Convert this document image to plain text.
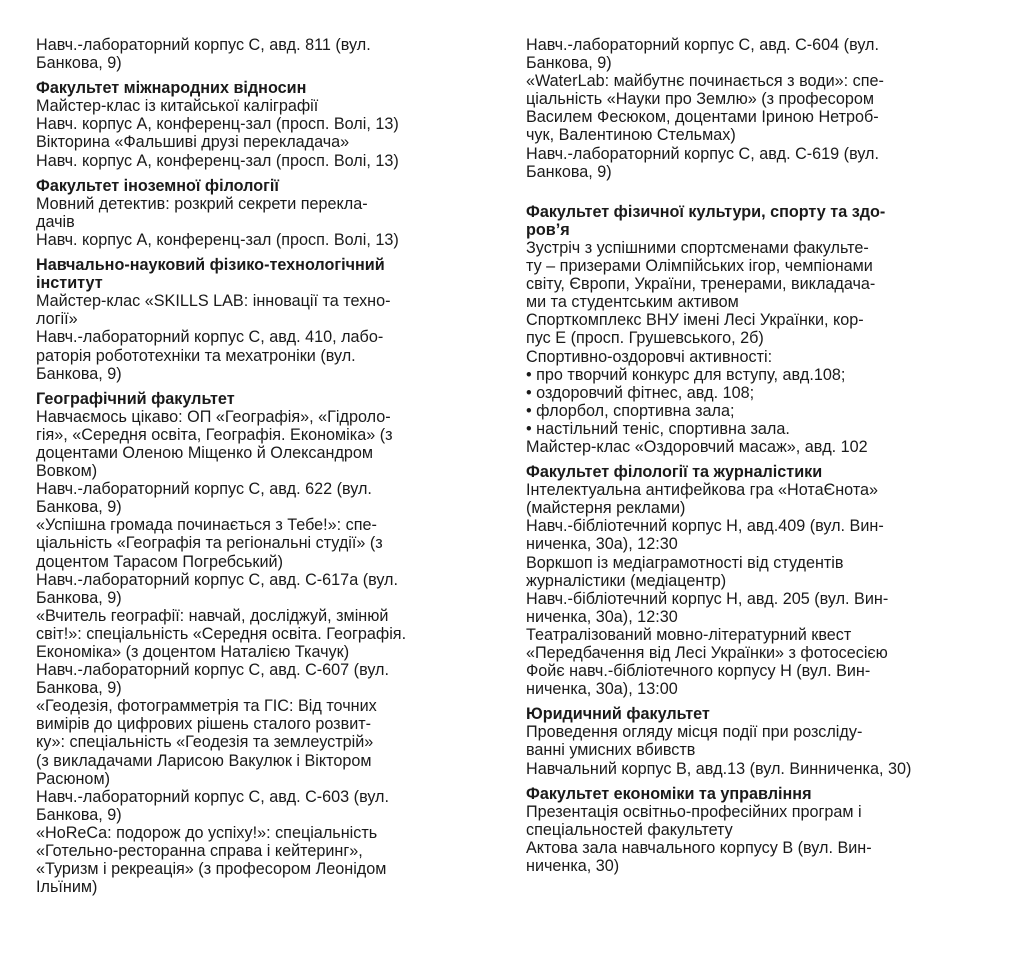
Навч.-лабораторний корпус С, авд. 811 (вул.
Банкова, 9)
Факультет міжнародних відносин
Майстер-клас із китайської каліграфії
Навч. корпус А, конференц-зал (просп. Волі, 13)
Вікторина «Фальшиві друзі перекладача»
Навч. корпус А, конференц-зал (просп. Волі, 13)
Факультет іноземної філології
Мовний детектив: розкрий секрети перекла-
дачів
Навч. корпус А, конференц-зал (просп. Волі, 13)
Навчально-науковий фізико-технологічний
інститут
Майстер-клас «SKILLS LAB: інновації та техно-
логії»
Навч.-лабораторний корпус С, авд. 410, лабо-
раторія робототехніки та мехатроніки (вул.
Банкова, 9)
Географічний факультет
Навчаємось цікаво: ОП «Географія», «Гідроло-
гія», «Середня освіта, Географія. Економіка» (з
доцентами Оленою Міщенко й Олександром
Вовком)
Навч.-лабораторний корпус С, авд. 622 (вул.
Банкова, 9)
«Успішна громада починається з Тебе!»: спе-
ціальність «Географія та регіональні студії» (з
доцентом Тарасом Погребський)
Навч.-лабораторний корпус С, авд. С-617а (вул.
Банкова, 9)
«Вчитель географії: навчай, досліджуй, змінюй
світ!»: спеціальність «Середня освіта. Географія.
Економіка» (з доцентом Наталією Ткачук)
Навч.-лабораторний корпус С, авд. С-607 (вул.
Банкова, 9)
«Геодезія, фотограмметрія та ГІС: Від точних
вимірів до цифрових рішень сталого розвит-
ку»: спеціальність «Геодезія та землеустрій»
(з викладачами Ларисою Вакулюк і Віктором
Расюном)
Навч.-лабораторний корпус С, авд. С-603 (вул.
Банкова, 9)
«HoReCa: подорож до успіху!»: спеціальність
«Готельно-ресторанна справа і кейтеринг»,
«Туризм і рекреація» (з професором Леонідом
Ільїним)
Навч.-лабораторний корпус С, авд. С-604 (вул.
Банкова, 9)
«WaterLab: майбутнє починається з води»: спе-
ціальність «Науки про Землю» (з професором
Василем Фесюком, доцентами Іриною Нетроб-
чук, Валентиною Стельмах)
Навч.-лабораторний корпус С, авд. С-619 (вул.
Банкова, 9)
Факультет фізичної культури, спорту та здо-
ров’я
Зустріч з успішними спортсменами факульте-
ту – призерами Олімпійських ігор, чемпіонами
світу, Європи, України, тренерами, викладача-
ми та студентським активом
Спорткомплекс ВНУ імені Лесі Українки, кор-
пус Е (просп. Грушевського, 2б)
Спортивно-оздоровчі активності:
• про творчий конкурс для вступу, авд.108;
• оздоровчий фітнес, авд. 108;
• флорбол, спортивна зала;
• настільний теніс, спортивна зала.
Майстер-клас «Оздоровчий масаж», авд. 102
Факультет філології та журналістики
Інтелектуальна антифейкова гра «НотаЄнота»
(майстерня реклами)
Навч.-бібліотечний корпус Н, авд.409 (вул. Вин-
ниченка, 30а), 12:30
Воркшоп із медіаграмотності від студентів
журналістики (медіацентр)
Навч.-бібліотечний корпус Н, авд. 205 (вул. Вин-
ниченка, 30а), 12:30
Театралізований мовно-літературний квест
«Передбачення від Лесі Українки» з фотосесією
Фойє навч.-бібліотечного корпусу Н (вул. Вин-
ниченка, 30а), 13:00
Юридичний факультет
Проведення огляду місця події при розсліду-
ванні умисних вбивств
Навчальний корпус В, авд.13 (вул. Винниченка, 30)
Факультет економіки та управління
Презентація освітньо-професійних програм і
спеціальностей факультету
Актова зала навчального корпусу В (вул. Вин-
ниченка, 30)
